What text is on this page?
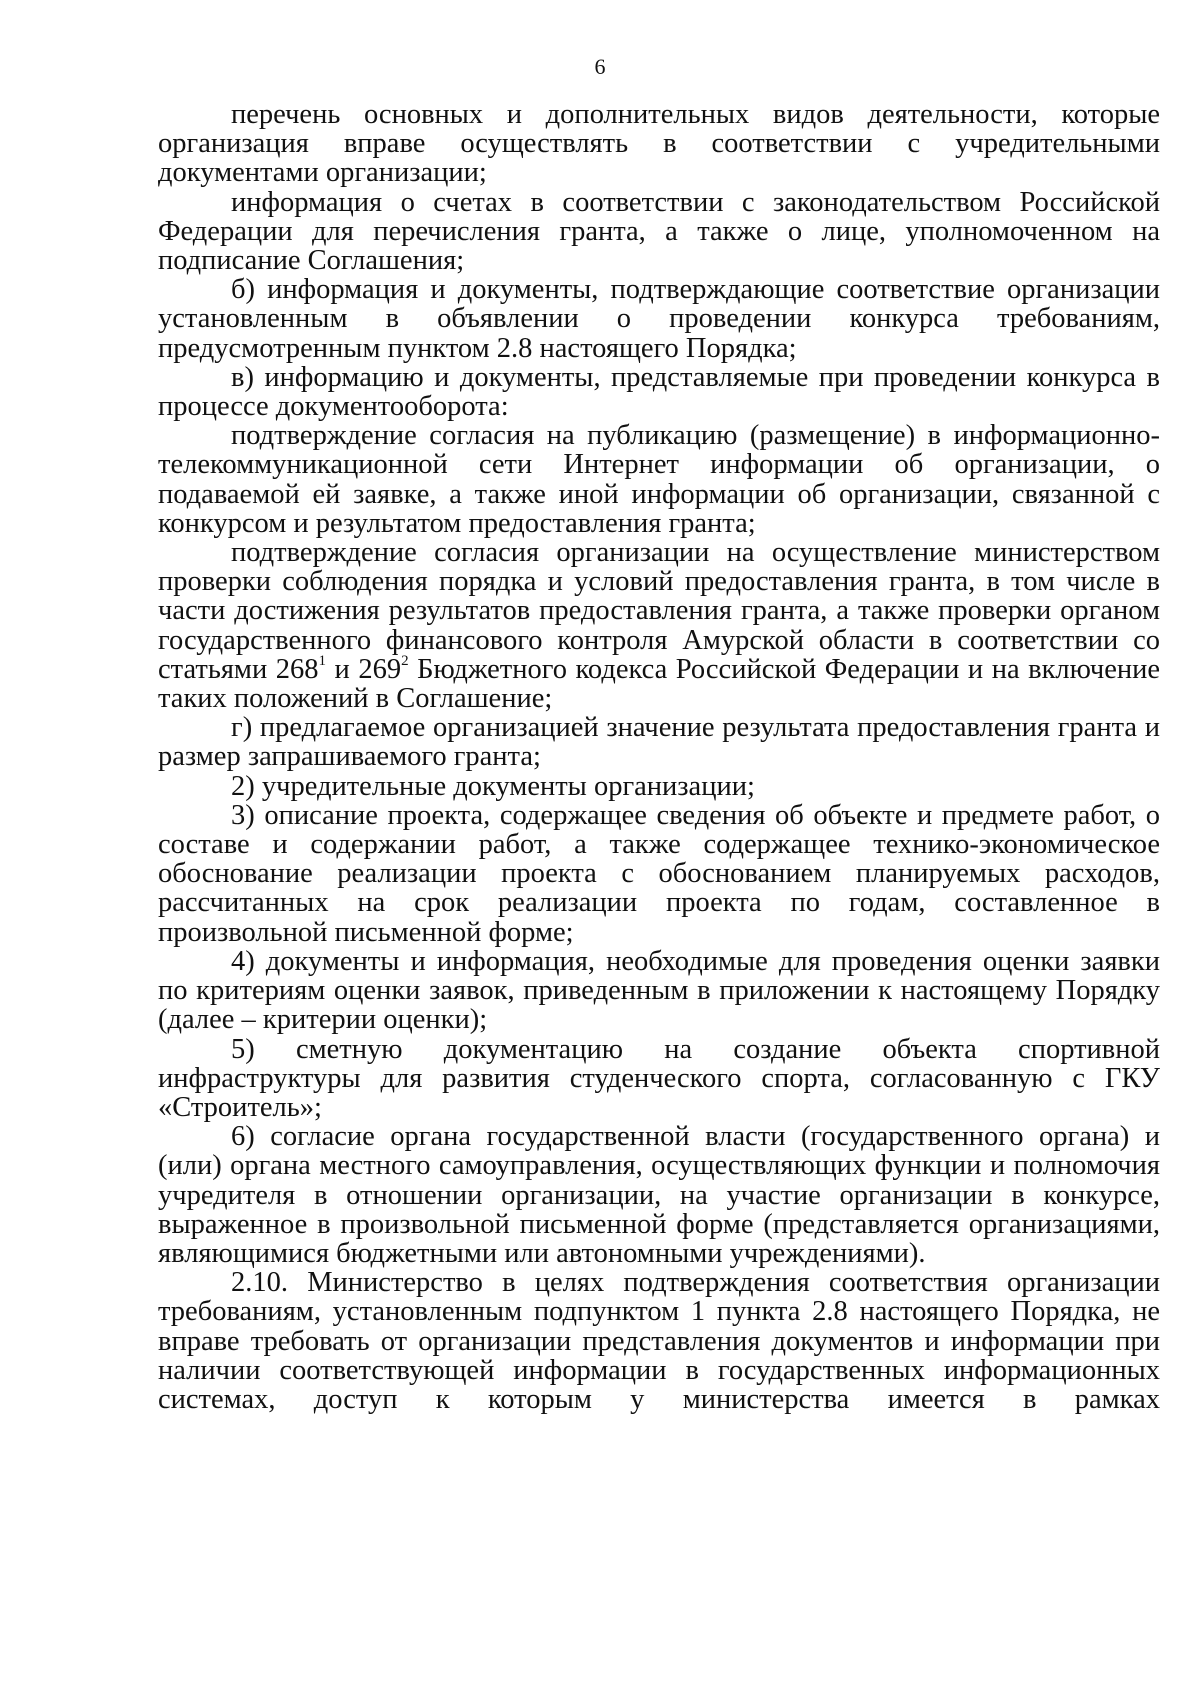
6

перечень основных и дополнительных видов деятельности, которые организация вправе осуществлять в соответствии с учредительными документами организации;

информация о счетах в соответствии с законодательством Российской Федерации для перечисления гранта, а также о лице, уполномоченном на подписание Соглашения;

б) информация и документы, подтверждающие соответствие организации установленным в объявлении о проведении конкурса требованиям, предусмотренным пунктом 2.8 настоящего Порядка;

в) информацию и документы, представляемые при проведении конкурса в процессе документооборота:

подтверждение согласия на публикацию (размещение) в информационно-телекоммуникационной сети Интернет информации об организации, о подаваемой ей заявке, а также иной информации об организации, связанной с конкурсом и результатом предоставления гранта;

подтверждение согласия организации на осуществление министерством проверки соблюдения порядка и условий предоставления гранта, в том числе в части достижения результатов предоставления гранта, а также проверки органом государственного финансового контроля Амурской области в соответствии со статьями $268^1$ и $269^2$ Бюджетного кодекса Российской Федерации и на включение таких положений в Соглашение;

г) предлагаемое организацией значение результата предоставления гранта и размер запрашиваемого гранта;

2) учредительные документы организации;

3) описание проекта, содержащее сведения об объекте и предмете работ, о составе и содержании работ, а также содержащее технико-экономическое обоснование реализации проекта с обоснованием планируемых расходов, рассчитанных на срок реализации проекта по годам, составленное в произвольной письменной форме;

4) документы и информация, необходимые для проведения оценки заявки по критериям оценки заявок, приведенным в приложении к настоящему Порядку (далее – критерии оценки);

5) сметную документацию на создание объекта спортивной инфраструктуры для развития студенческого спорта, согласованную с ГКУ «Строитель»;

6) согласие органа государственной власти (государственного органа) и (или) органа местного самоуправления, осуществляющих функции и полномочия учредителя в отношении организации, на участие организации в конкурсе, выраженное в произвольной письменной форме (представляется организациями, являющимися бюджетными или автономными учреждениями).

2.10. Министерство в целях подтверждения соответствия организации требованиям, установленным подпунктом 1 пункта 2.8 настоящего Порядка, не вправе требовать от организации представления документов и информации при наличии соответствующей информации в государственных информационных системах, доступ к которым у министерства имеется в рамках
